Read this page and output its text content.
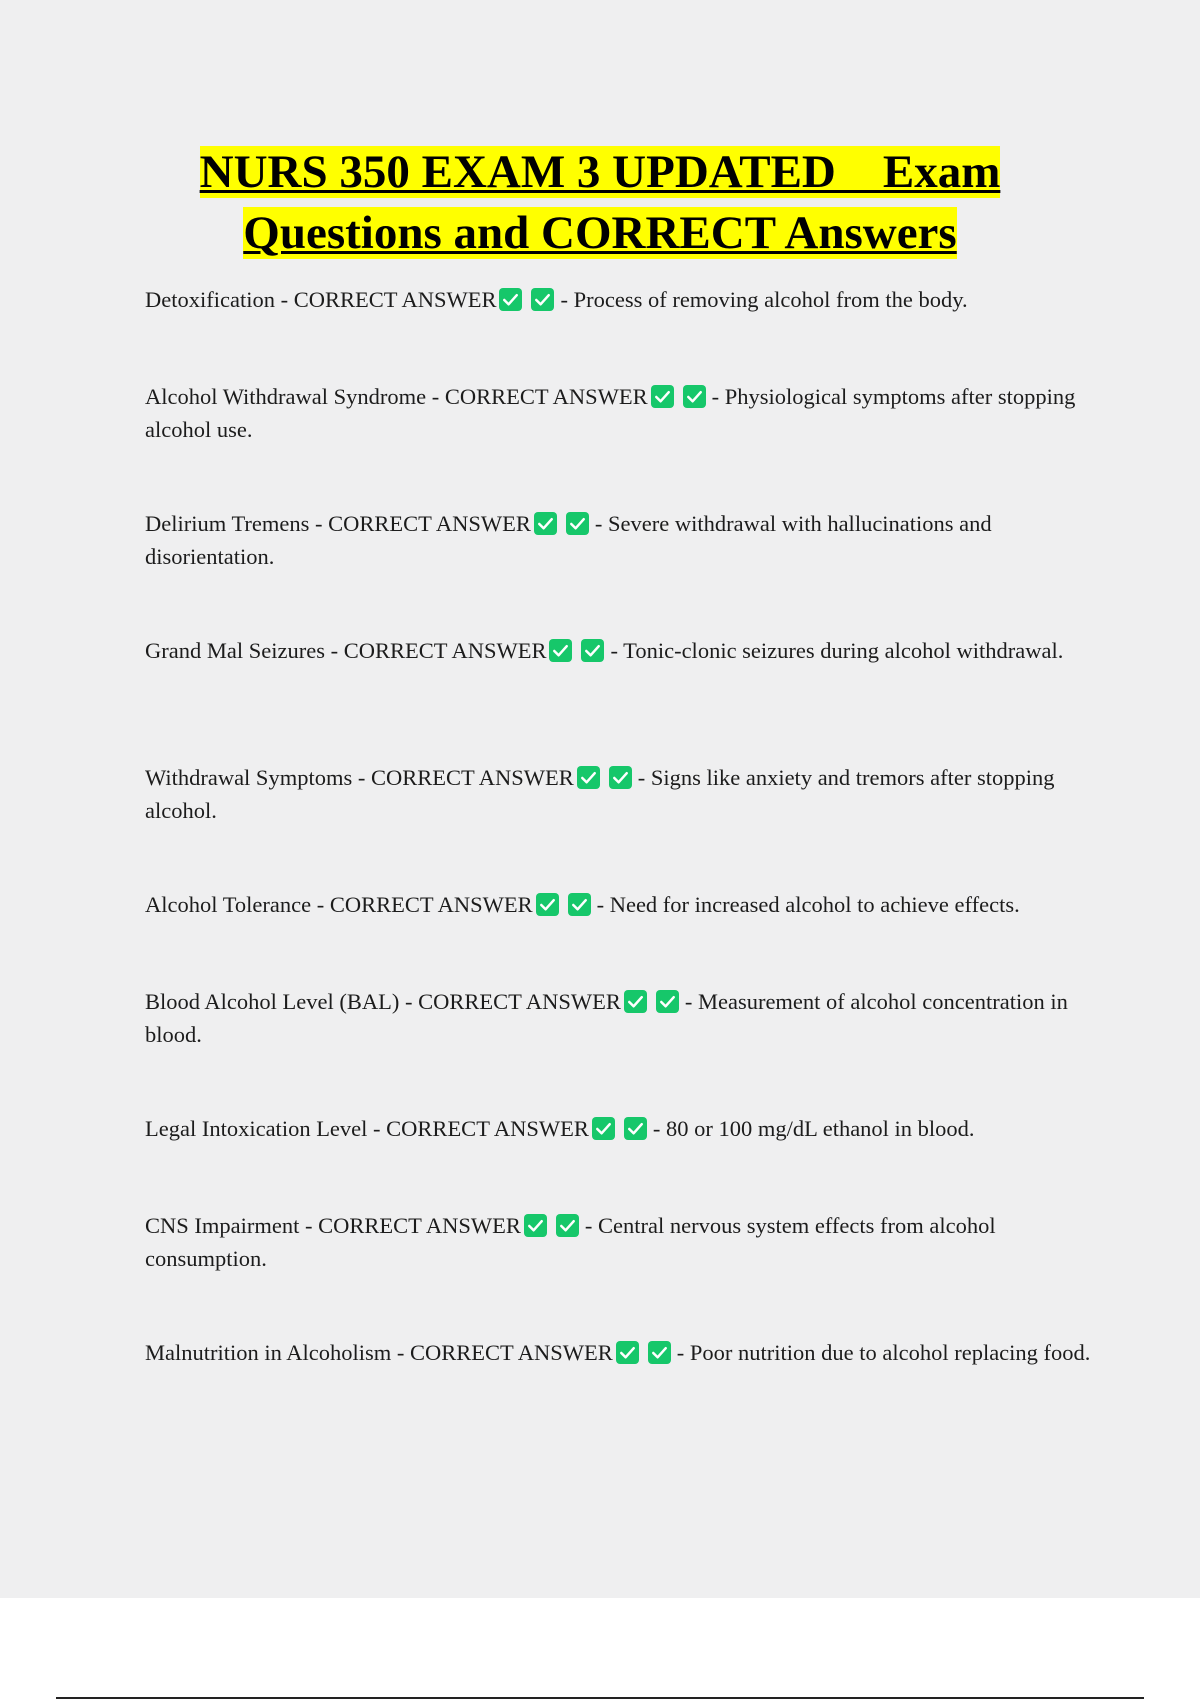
NURS 350 EXAM 3 UPDATED    Exam
Questions and CORRECT Answers
Detoxification - CORRECT ANSWER	- Process of removing alcohol from the body.
Alcohol Withdrawal Syndrome - CORRECT ANSWER	- Physiological symptoms after stopping alcohol use.
Delirium Tremens - CORRECT ANSWER	- Severe withdrawal with hallucinations and disorientation.
Grand Mal Seizures - CORRECT ANSWER	- Tonic-clonic seizures during alcohol withdrawal.
Withdrawal Symptoms - CORRECT ANSWER	- Signs like anxiety and tremors after stopping alcohol.
Alcohol Tolerance - CORRECT ANSWER	- Need for increased alcohol to achieve effects.
Blood Alcohol Level (BAL) - CORRECT ANSWER	- Measurement of alcohol concentration in blood.
Legal Intoxication Level - CORRECT ANSWER	- 80 or 100 mg/dL ethanol in blood.
CNS Impairment - CORRECT ANSWER	- Central nervous system effects from alcohol consumption.
Malnutrition in Alcoholism - CORRECT ANSWER	- Poor nutrition due to alcohol replacing food.
